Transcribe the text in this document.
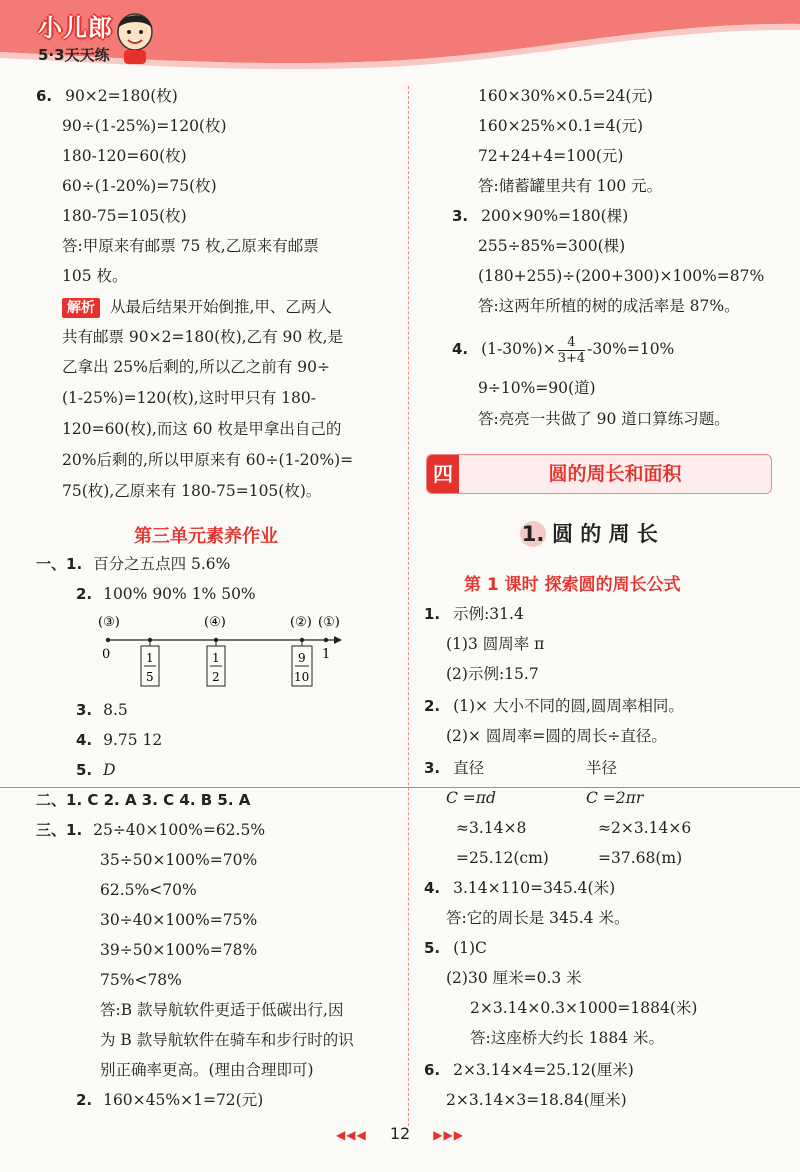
小儿郎
5·3天天练
6. 90×2=180(枚)
90÷(1-25%)=120(枚)
180-120=60(枚)
60÷(1-20%)=75(枚)
180-75=105(枚)
答:甲原来有邮票 75 枚,乙原来有邮票
105 枚。
解析 从最后结果开始倒推,甲、乙两人
共有邮票 90×2=180(枚),乙有 90 枚,是
乙拿出 25%后剩的,所以乙之前有 90÷
(1-25%)=120(枚),这时甲只有 180-
120=60(枚),而这 60 枚是甲拿出自己的
20%后剩的,所以甲原来有 60÷(1-20%)=
75(枚),乙原来有 180-75=105(枚)。
第三单元素养作业
一、1. 百分之五点四 5.6%
2. 100% 90% 1% 50%
(③)	(④)	(②) (①)
0	1
1
5
1
2
9
10
3. 8.5
4. 9.75 12
5. D
二、1. C 2. A 3. C 4. B 5. A
三、1. 25÷40×100%=62.5%
35÷50×100%=70%
62.5%<70%
30÷40×100%=75%
39÷50×100%=78%
75%<78%
答:B 款导航软件更适于低碳出行,因
为 B 款导航软件在骑车和步行时的识
别正确率更高。(理由合理即可)
2. 160×45%×1=72(元)
160×30%×0.5=24(元)
160×25%×0.1=4(元)
72+24+4=100(元)
答:储蓄罐里共有 100 元。
3. 200×90%=180(棵)
255÷85%=300(棵)
(180+255)÷(200+300)×100%=87%
答:这两年所植的树的成活率是 87%。
4. $(1-30\%)\times \frac{4}{3+4} -30\%=10\%$
9÷10%=90(道)
答:亮亮一共做了 90 道口算练习题。
四	圆的周长和面积
1. 圆 的 周 长
第 1 课时 探索圆的周长公式
1. 示例:31.4
(1)3 圆周率 π
(2)示例:15.7
2. (1)× 大小不同的圆,圆周率相同。
(2)× 圆周率=圆的周长÷直径。
3. 直径	半径
C =πd	C =2πr
≈3.14×8	≈2×3.14×6
=25.12(cm)	=37.68(m)
4. 3.14×110=345.4(米)
答:它的周长是 345.4 米。
5. (1)C
(2)30 厘米=0.3 米
2×3.14×0.3×1000=1884(米)
答:这座桥大约长 1884 米。
6. 2×3.14×4=25.12(厘米)
2×3.14×3=18.84(厘米)
◀◀◀ 12 ▶▶▶
